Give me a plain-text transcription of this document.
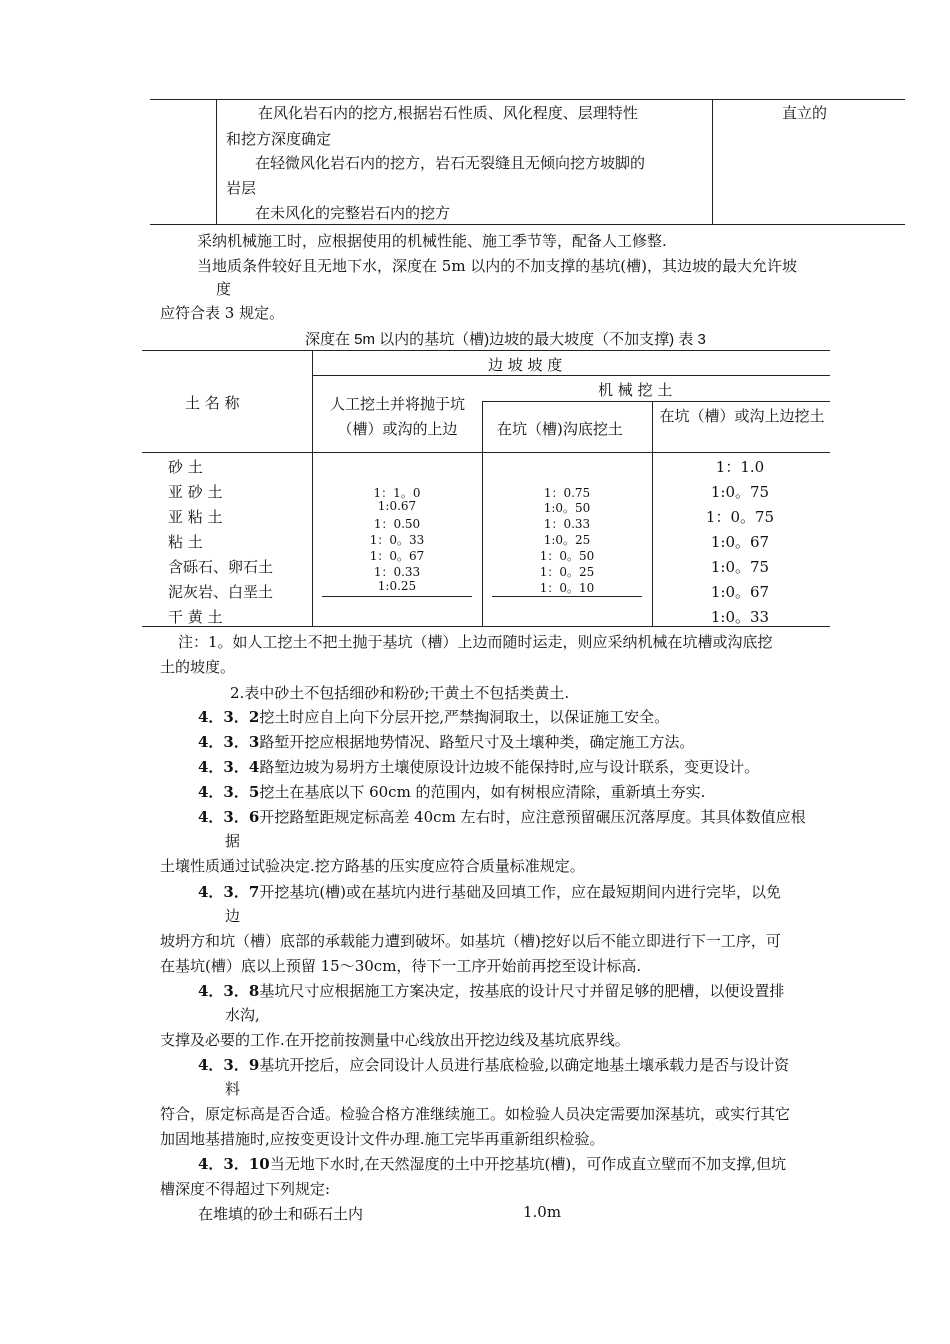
在风化岩石内的挖方,根据岩石性质、风化程度、层理特性
和挖方深度确定
在轻微风化岩石内的挖方，岩石无裂缝且无倾向挖方坡脚的
岩层
在未风化的完整岩石内的挖方
直立的
采纳机械施工时，应根据使用的机械性能、施工季节等，配备人工修整.
当地质条件较好且无地下水，深度在 5m 以内的不加支撑的基坑(槽)，其边坡的最大允许坡
度
应符合表 3 规定。
深度在 5m 以内的基坑（槽)边坡的最大坡度（不加支撑) 表 3
土 名 称
边 坡 坡 度
人工挖土并将抛于坑（槽）或沟的上边
机 械 挖 土
在坑（槽)沟底挖土
在坑（槽）或沟上边挖土
砂 土
亚 砂 土
亚 粘 土
粘 土
含砾石、卵石土
泥灰岩、白垩土
干 黄 土
1：1。0
1:0.67
1：0.50
1：0。33
1：0。67
1：0.33
1:0.25
1：0.75
1:0。50
1：0.33
1:0。25
1：0。50
1：0。25
1：0。10
1：1.0
1:0。75
1：0。75
1:0。67
1:0。75
1:0。67
1:0。33
注：1。如人工挖土不把土抛于基坑（槽）上边而随时运走，则应采纳机械在坑槽或沟底挖
土的坡度。
2.表中砂土不包括细砂和粉砂;干黄土不包括类黄土.
4．3．2挖土时应自上向下分层开挖,严禁掏洞取土，以保证施工安全。
4．3．3路堑开挖应根据地势情况、路堑尺寸及土壤种类，确定施工方法。
4．3．4路堑边坡为易坍方土壤使原设计边坡不能保持时,应与设计联系，变更设计。
4．3．5挖土在基底以下 60cm 的范围内，如有树根应清除，重新填土夯实.
4．3．6开挖路堑距规定标高差 40cm 左右时，应注意预留碾压沉落厚度。其具体数值应根
据
土壤性质通过试验决定.挖方路基的压实度应符合质量标准规定。
4．3．7开挖基坑(槽)或在基坑内进行基础及回填工作，应在最短期间内进行完毕，以免
边
坡坍方和坑（槽）底部的承载能力遭到破坏。如基坑（槽)挖好以后不能立即进行下一工序，可
在基坑(槽）底以上预留 15～30cm，待下一工序开始前再挖至设计标高.
4．3．8基坑尺寸应根据施工方案决定，按基底的设计尺寸并留足够的肥槽，以便设置排
水沟,
支撑及必要的工作.在开挖前按测量中心线放出开挖边线及基坑底界线。
4．3．9基坑开挖后，应会同设计人员进行基底检验,以确定地基土壤承载力是否与设计资
料
符合，原定标高是否合适。检验合格方准继续施工。如检验人员决定需要加深基坑，或实行其它
加固地基措施时,应按变更设计文件办理.施工完毕再重新组织检验。
4．3．10当无地下水时,在天然湿度的土中开挖基坑(槽)，可作成直立壁而不加支撑,但坑
槽深度不得超过下列规定:
在堆填的砂土和砾石土内	1.0m
